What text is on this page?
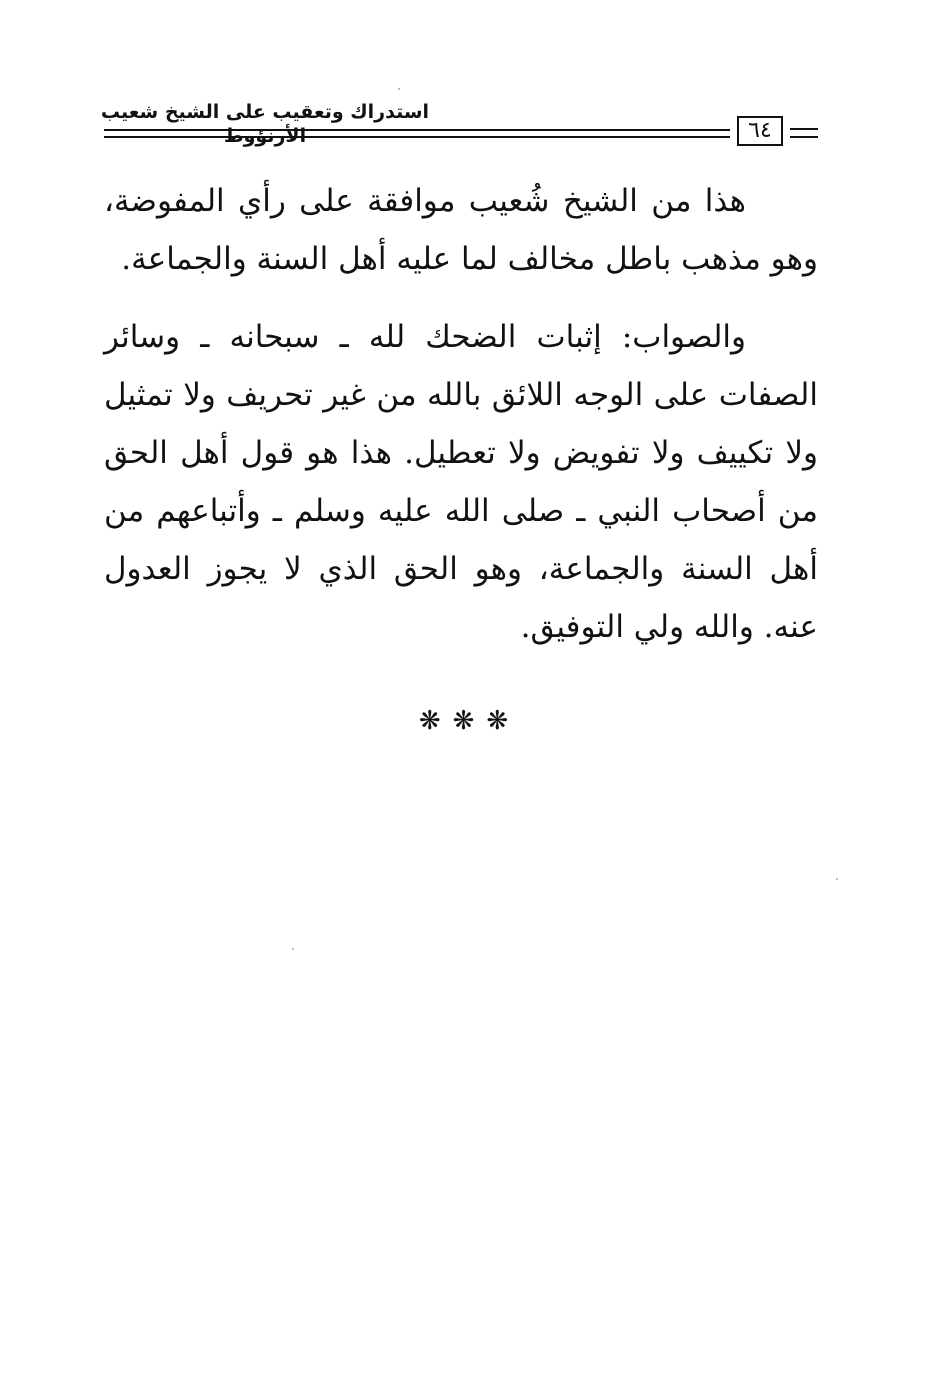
استدراك وتعقيب على الشيخ شعيب الأرنؤوط	٦٤

هذا من الشيخ شُعيب موافقة على رأي المفوضة، وهو مذهب باطل مخالف لما عليه أهل السنة والجماعة.

والصواب: إثبات الضحك لله ـ سبحانه ـ وسائر الصفات على الوجه اللائق بالله من غير تحريف ولا تمثيل ولا تكييف ولا تفويض ولا تعطيل. هذا هو قول أهل الحق من أصحاب النبي ـ صلى الله عليه وسلم ـ وأتباعهم من أهل السنة والجماعة، وهو الحق الذي لا يجوز العدول عنه. والله ولي التوفيق.

❋❋❋
